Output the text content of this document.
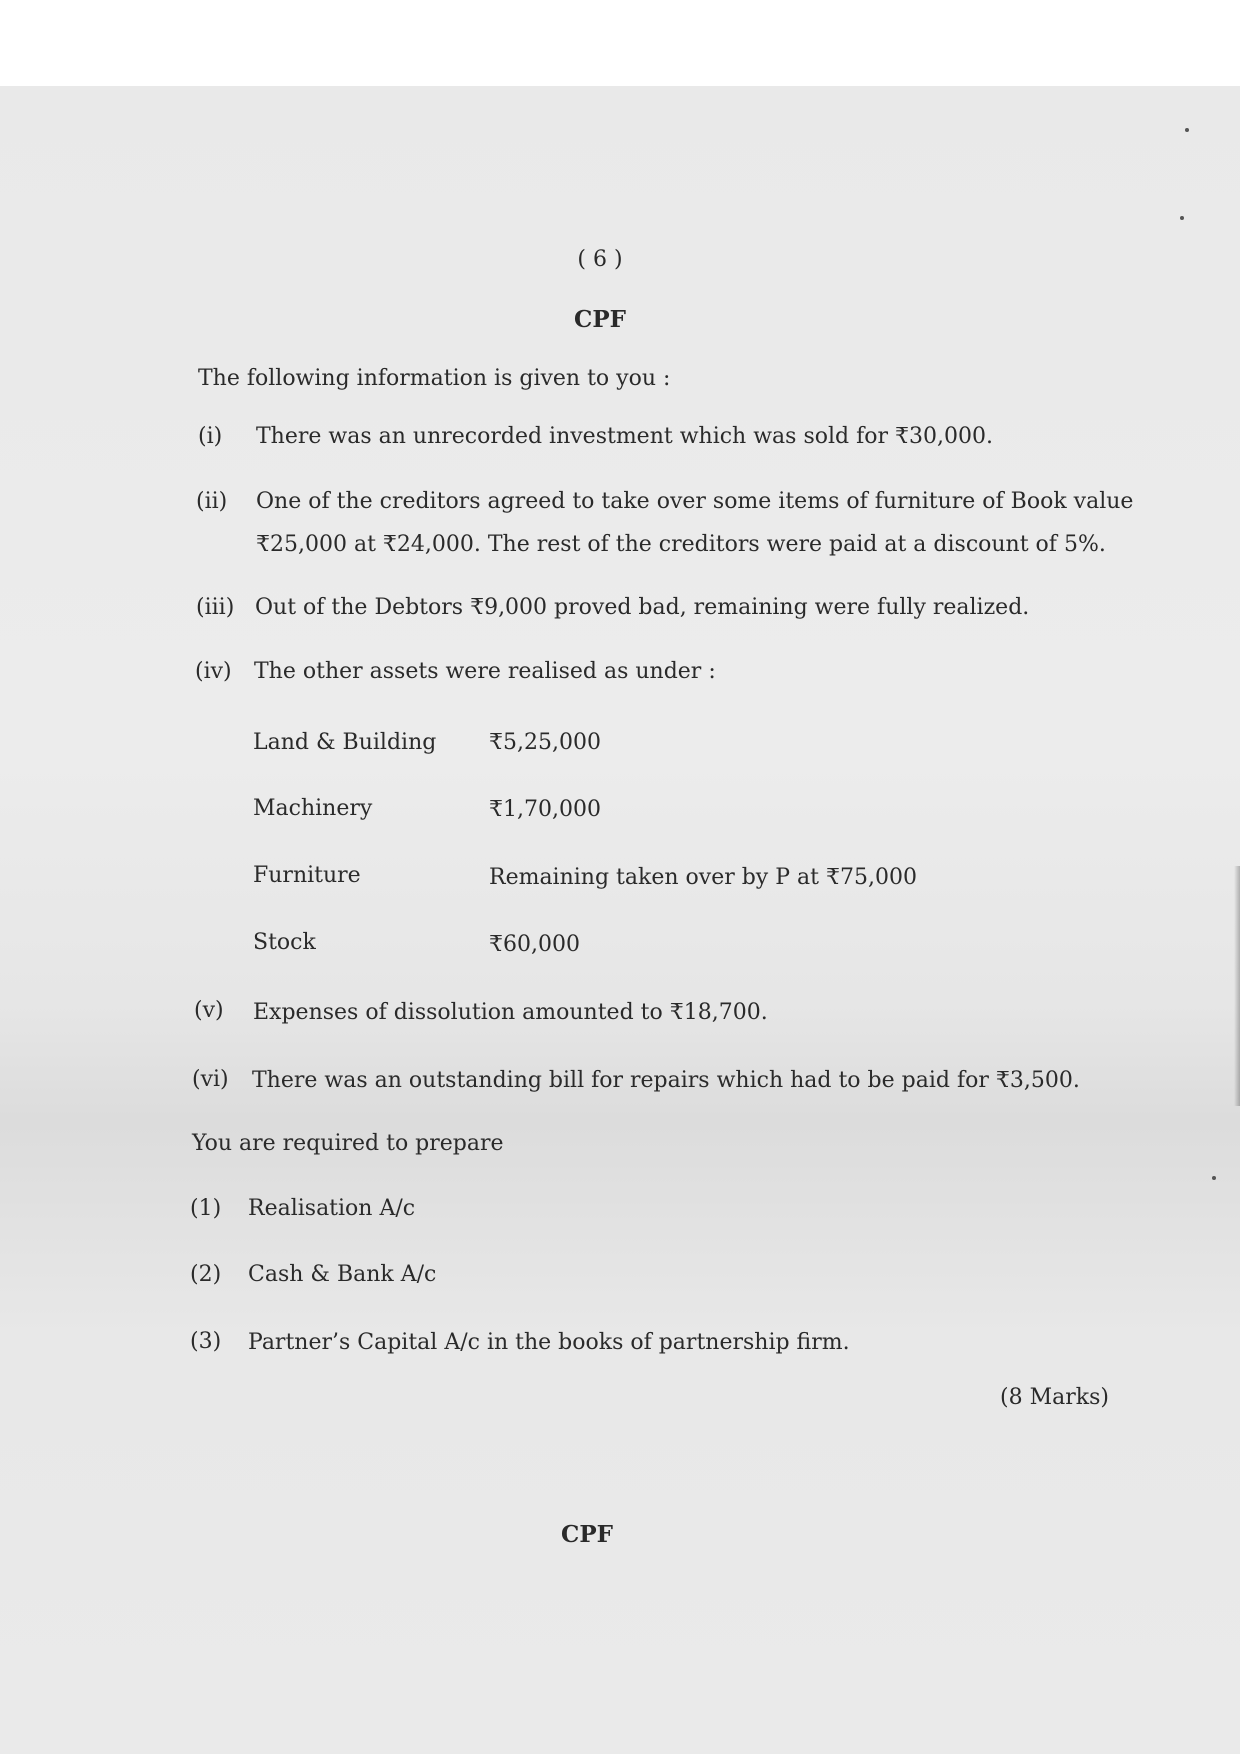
( 6 )
CPF
The following information is given to you :
(i) There was an unrecorded investment which was sold for ₹30,000.
(ii) One of the creditors agreed to take over some items of furniture of Book value
₹25,000 at ₹24,000. The rest of the creditors were paid at a discount of 5%.
(iii) Out of the Debtors ₹9,000 proved bad, remaining were fully realized.
(iv) The other assets were realised as under :
Land & Building ₹5,25,000
Machinery	₹1,70,000
Furniture	Remaining taken over by P at ₹75,000
Stock	₹60,000
(v) Expenses of dissolution amounted to ₹18,700.
(vi) There was an outstanding bill for repairs which had to be paid for ₹3,500.
You are required to prepare
(1) Realisation A/c
(2) Cash & Bank A/c
(3) Partner’s Capital A/c in the books of partnership firm.
(8 Marks)
CPF
